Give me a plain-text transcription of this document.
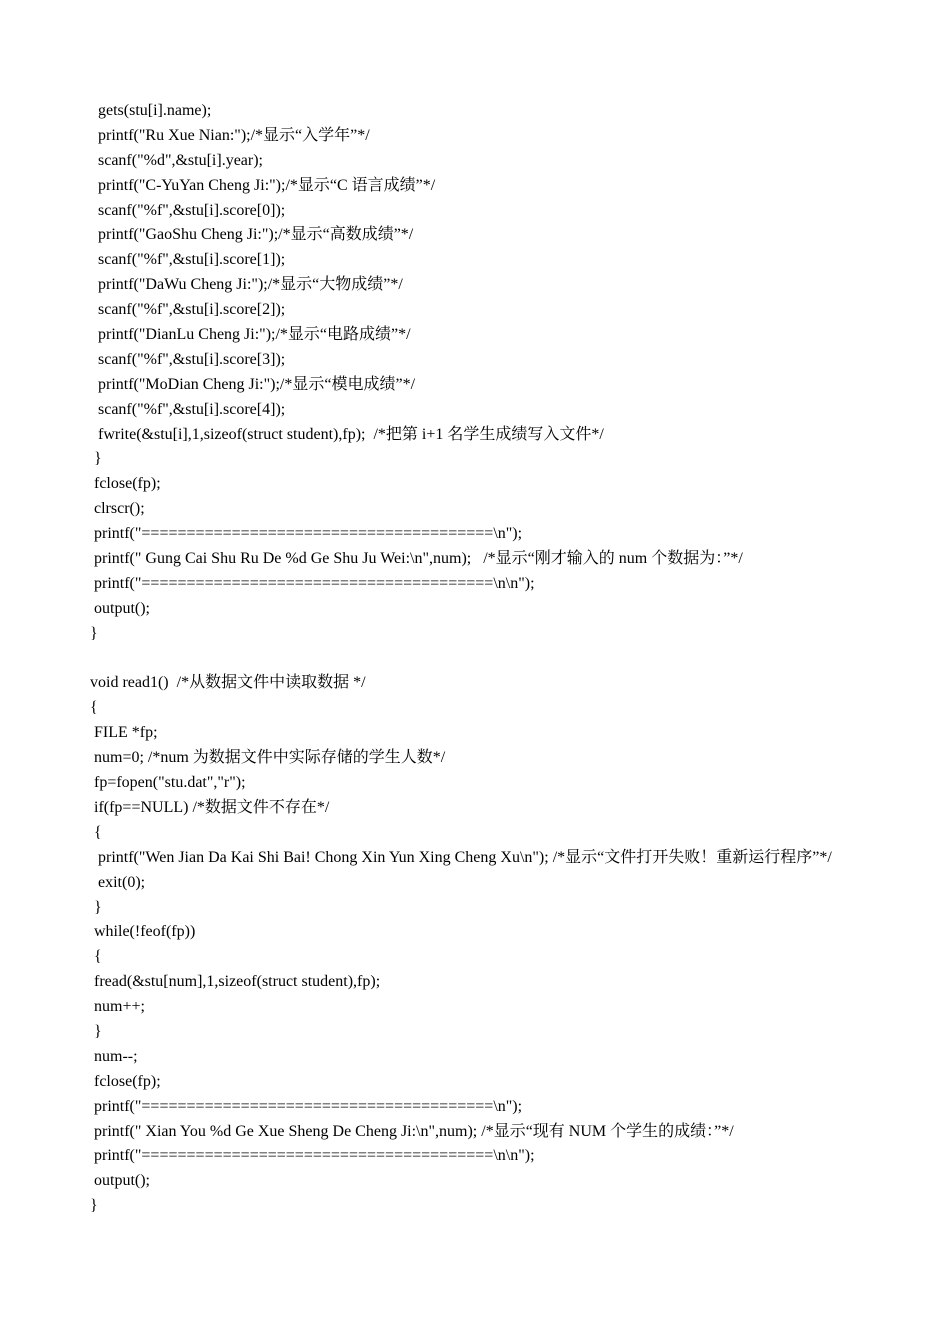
gets(stu[i].name);
printf("Ru Xue Nian:");/*显示“入学年”*/
scanf("%d",&stu[i].year);
printf("C-YuYan Cheng Ji:");/*显示“C 语言成绩”*/
scanf("%f",&stu[i].score[0]);
printf("GaoShu Cheng Ji:");/*显示“高数成绩”*/
scanf("%f",&stu[i].score[1]);
printf("DaWu Cheng Ji:");/*显示“大物成绩”*/
scanf("%f",&stu[i].score[2]);
printf("DianLu Cheng Ji:");/*显示“电路成绩”*/
scanf("%f",&stu[i].score[3]);
printf("MoDian Cheng Ji:");/*显示“模电成绩”*/
scanf("%f",&stu[i].score[4]);
fwrite(&stu[i],1,sizeof(struct student),fp);  /*把第 i+1 名学生成绩写入文件*/
}
fclose(fp);
clrscr();
printf("=======================================\n");
printf(" Gung Cai Shu Ru De %d Ge Shu Ju Wei:\n",num);   /*显示“刚才输入的 num 个数据为：”*/
printf("=======================================\n\n");
output();
}
void read1()  /*从数据文件中读取数据 */
{
FILE *fp;
num=0; /*num 为数据文件中实际存储的学生人数*/
fp=fopen("stu.dat","r");
if(fp==NULL) /*数据文件不存在*/
{
printf("Wen Jian Da Kai Shi Bai! Chong Xin Yun Xing Cheng Xu\n"); /*显示“文件打开失败！重新运行程序”*/
exit(0);
}
while(!feof(fp))
{
fread(&stu[num],1,sizeof(struct student),fp);
num++;
}
num--;
fclose(fp);
printf("=======================================\n");
printf(" Xian You %d Ge Xue Sheng De Cheng Ji:\n",num); /*显示“现有 NUM 个学生的成绩：”*/
printf("=======================================\n\n");
output();
}
